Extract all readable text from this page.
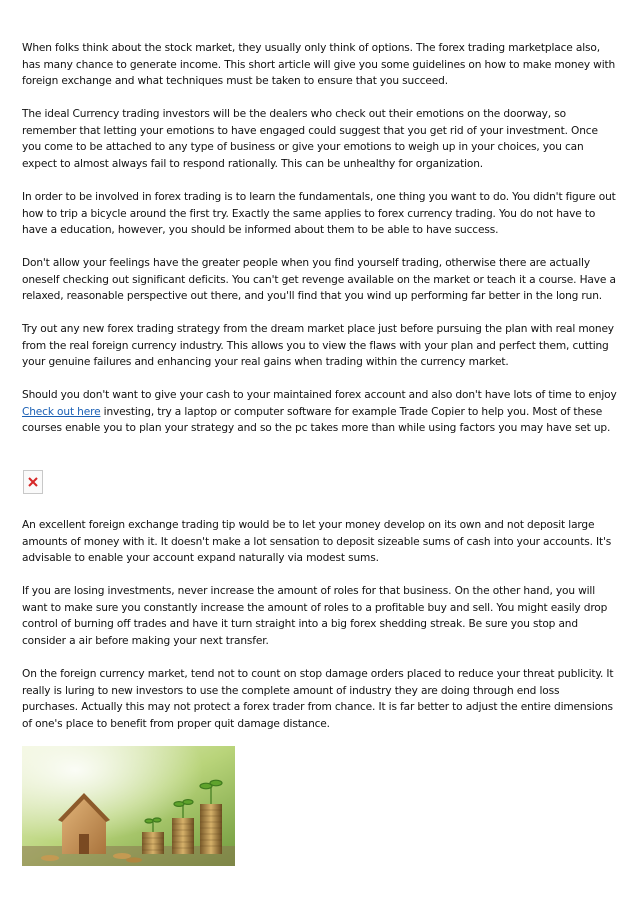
When folks think about the stock market, they usually only think of options. The forex trading marketplace also, has many chance to generate income. This short article will give you some guidelines on how to make money with foreign exchange and what techniques must be taken to ensure that you succeed.

The ideal Currency trading investors will be the dealers who check out their emotions on the doorway, so remember that letting your emotions to have engaged could suggest that you get rid of your investment. Once you come to be attached to any type of business or give your emotions to weigh up in your choices, you can expect to almost always fail to respond rationally. This can be unhealthy for organization.

In order to be involved in forex trading is to learn the fundamentals, one thing you want to do. You didn't figure out how to trip a bicycle around the first try. Exactly the same applies to forex currency trading. You do not have to have a education, however, you should be informed about them to be able to have success.

Don't allow your feelings have the greater people when you find yourself trading, otherwise there are actually oneself checking out significant deficits. You can't get revenge available on the market or teach it a course. Have a relaxed, reasonable perspective out there, and you'll find that you wind up performing far better in the long run.

Try out any new forex trading strategy from the dream market place just before pursuing the plan with real money from the real foreign currency industry. This allows you to view the flaws with your plan and perfect them, cutting your genuine failures and enhancing your real gains when trading within the currency market.

Should you don't want to give your cash to your maintained forex account and also don't have lots of time to enjoy Check out here investing, try a laptop or computer software for example Trade Copier to help you. Most of these courses enable you to plan your strategy and so the pc takes more than while using factors you may have set up.

An excellent foreign exchange trading tip would be to let your money develop on its own and not deposit large amounts of money with it. It doesn't make a lot sensation to deposit sizeable sums of cash into your accounts. It's advisable to enable your account expand naturally via modest sums.

If you are losing investments, never increase the amount of roles for that business. On the other hand, you will want to make sure you constantly increase the amount of roles to a profitable buy and sell. You might easily drop control of burning off trades and have it turn straight into a big forex shedding streak. Be sure you stop and consider a air before making your next transfer.

On the foreign currency market, tend not to count on stop damage orders placed to reduce your threat publicity. It really is luring to new investors to use the complete amount of industry they are doing through end loss purchases. Actually this may not protect a forex trader from chance. It is far better to adjust the entire dimensions of one's place to benefit from proper quit damage distance.
